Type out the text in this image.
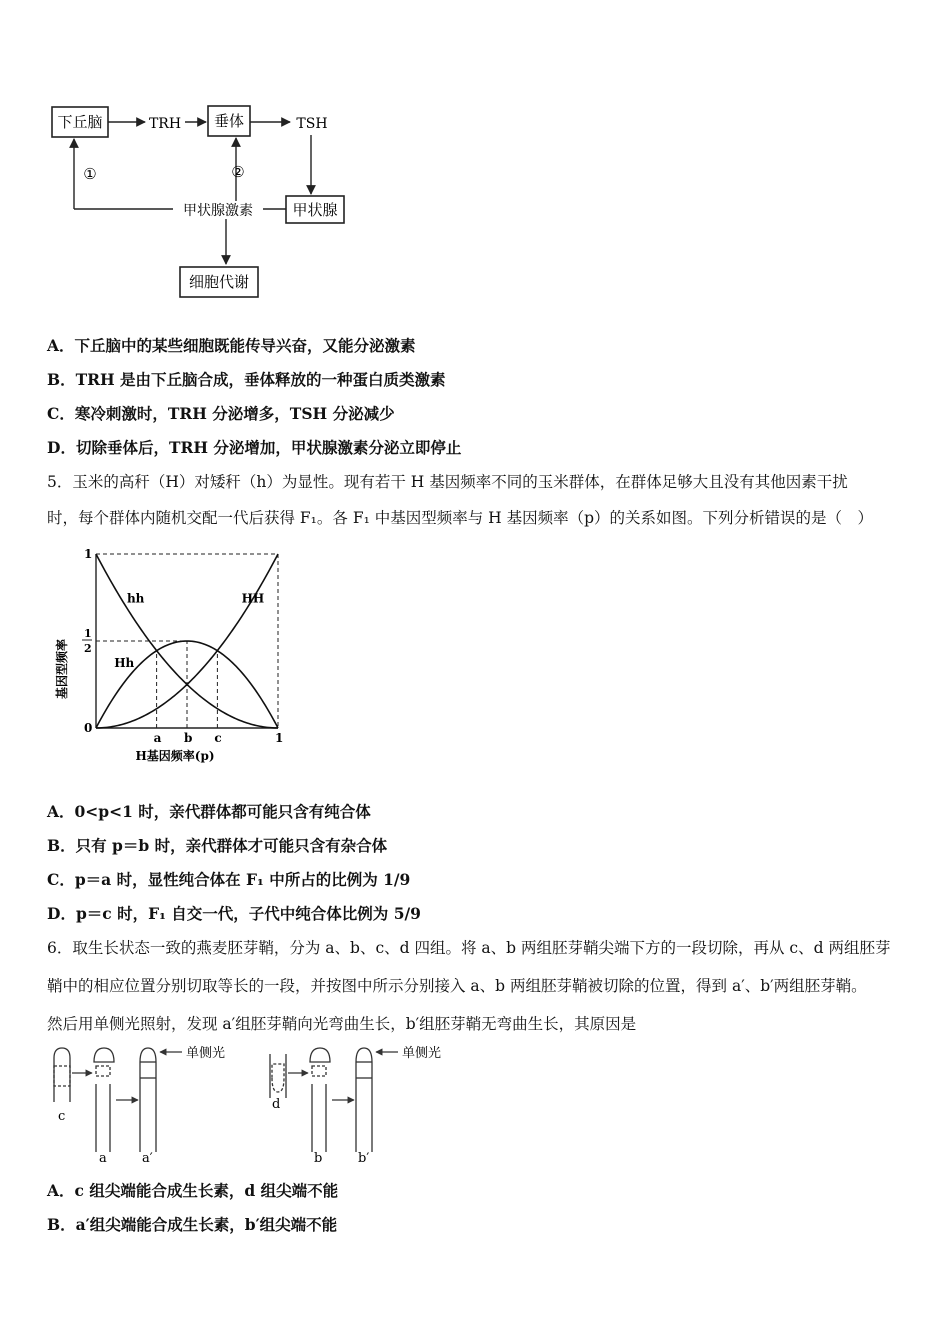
下丘脑	TRH 垂体	TSH
甲状腺
甲状腺激素
①	②
细胞代谢
A．下丘脑中的某些细胞既能传导兴奋，又能分泌激素
B．TRH 是由下丘脑合成，垂体释放的一种蛋白质类激素
C．寒冷刺激时，TRH 分泌增多，TSH 分泌减少
D．切除垂体后，TRH 分泌增加，甲状腺激素分泌立即停止
5．玉米的高秆（H）对矮秆（h）为显性。现有若干 H 基因频率不同的玉米群体，在群体足够大且没有其他因素干扰
时，每个群体内随机交配一代后获得 F₁。各 F₁ 中基因型频率与 H 基因频率（p）的关系如图。下列分析错误的是（　）
hh	HH
Hh
0
a b c	1
1
1
2
基因型频率
H基因频率(p)
A．0<p<1 时，亲代群体都可能只含有纯合体
B．只有 p＝b 时，亲代群体才可能只含有杂合体
C．p＝a 时，显性纯合体在 F₁ 中所占的比例为 1/9
D．p＝c 时，F₁ 自交一代，子代中纯合体比例为 5/9
6．取生长状态一致的燕麦胚芽鞘，分为 a、b、c、d 四组。将 a、b 两组胚芽鞘尖端下方的一段切除，再从 c、d 两组胚芽
鞘中的相应位置分别切取等长的一段，并按图中所示分别接入 a、b 两组胚芽鞘被切除的位置，得到 a′、b′两组胚芽鞘。
然后用单侧光照射，发现 a′组胚芽鞘向光弯曲生长，b′组胚芽鞘无弯曲生长，其原因是
c
a	a′
单侧光
d
b	b′
单侧光
A．c 组尖端能合成生长素，d 组尖端不能
B．a′组尖端能合成生长素，b′组尖端不能
